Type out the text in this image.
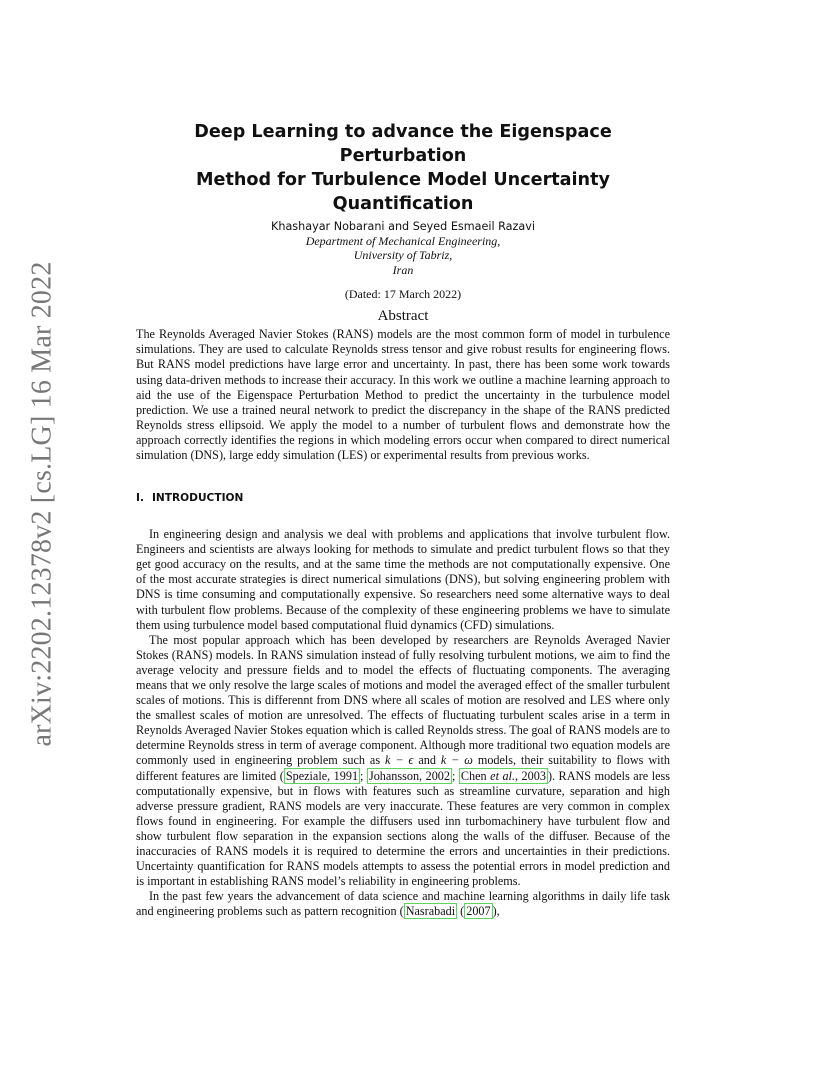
arXiv:2202.12378v2 [cs.LG] 16 Mar 2022
Deep Learning to advance the Eigenspace Perturbation
Method for Turbulence Model Uncertainty Quantification
Khashayar Nobarani and Seyed Esmaeil Razavi
Department of Mechanical Engineering,
University of Tabriz,
Iran
(Dated: 17 March 2022)
Abstract

The Reynolds Averaged Navier Stokes (RANS) models are the most common form of model in turbulence simulations. They are used to calculate Reynolds stress tensor and give robust results for engineering flows. But RANS model predictions have large error and uncertainty. In past, there has been some work towards using data-driven methods to increase their accuracy. In this work we outline a machine learning approach to aid the use of the Eigenspace Perturbation Method to predict the uncertainty in the turbulence model prediction. We use a trained neural network to predict the discrepancy in the shape of the RANS predicted Reynolds stress ellipsoid. We apply the model to a number of turbulent flows and demonstrate how the approach correctly identifies the regions in which modeling errors occur when compared to direct numerical simulation (DNS), large eddy simulation (LES) or experimental results from previous works.

I. INTRODUCTION

In engineering design and analysis we deal with problems and applications that involve turbulent flow. Engineers and scientists are always looking for methods to simulate and predict turbulent flows so that they get good accuracy on the results, and at the same time the methods are not computationally expensive. One of the most accurate strategies is direct numerical simulations (DNS), but solving engineering problem with DNS is time consuming and computationally expensive. So researchers need some alternative ways to deal with turbulent flow problems. Because of the complexity of these engineering problems we have to simulate them using turbulence model based computational fluid dynamics (CFD) simulations.

The most popular approach which has been developed by researchers are Reynolds Averaged Navier Stokes (RANS) models. In RANS simulation instead of fully resolving turbulent motions, we aim to find the average velocity and pressure fields and to model the effects of fluctuating components. The averaging means that we only resolve the large scales of motions and model the averaged effect of the smaller turbulent scales of motions. This is differennt from DNS where all scales of motion are resolved and LES where only the smallest scales of motion are unresolved. The effects of fluctuating turbulent scales arise in a term in Reynolds Averaged Navier Stokes equation which is called Reynolds stress. The goal of RANS models are to determine Reynolds stress in term of average component. Although more traditional two equation models are commonly used in engineering problem such as k − ϵ and k − ω models, their suitability to flows with different features are limited ( Speziale, 1991 ; Johansson, 2002 ; Chen et al., 2003 ). RANS models are less computationally expensive, but in flows with features such as streamline curvature, separation and high adverse pressure gradient, RANS models are very inaccurate. These features are very common in complex flows found in engineering. For example the diffusers used inn turbomachinery have turbulent flow and show turbulent flow separation in the expansion sections along the walls of the diffuser. Because of the inaccuracies of RANS models it is required to determine the errors and uncertainties in their predictions. Uncertainty quantification for RANS models attempts to assess the potential errors in model prediction and is important in establishing RANS model’s reliability in engineering problems.

In the past few years the advancement of data science and machine learning algorithms in daily life task and engineering problems such as pattern recognition ( Nasrabadi ( 2007 ),
